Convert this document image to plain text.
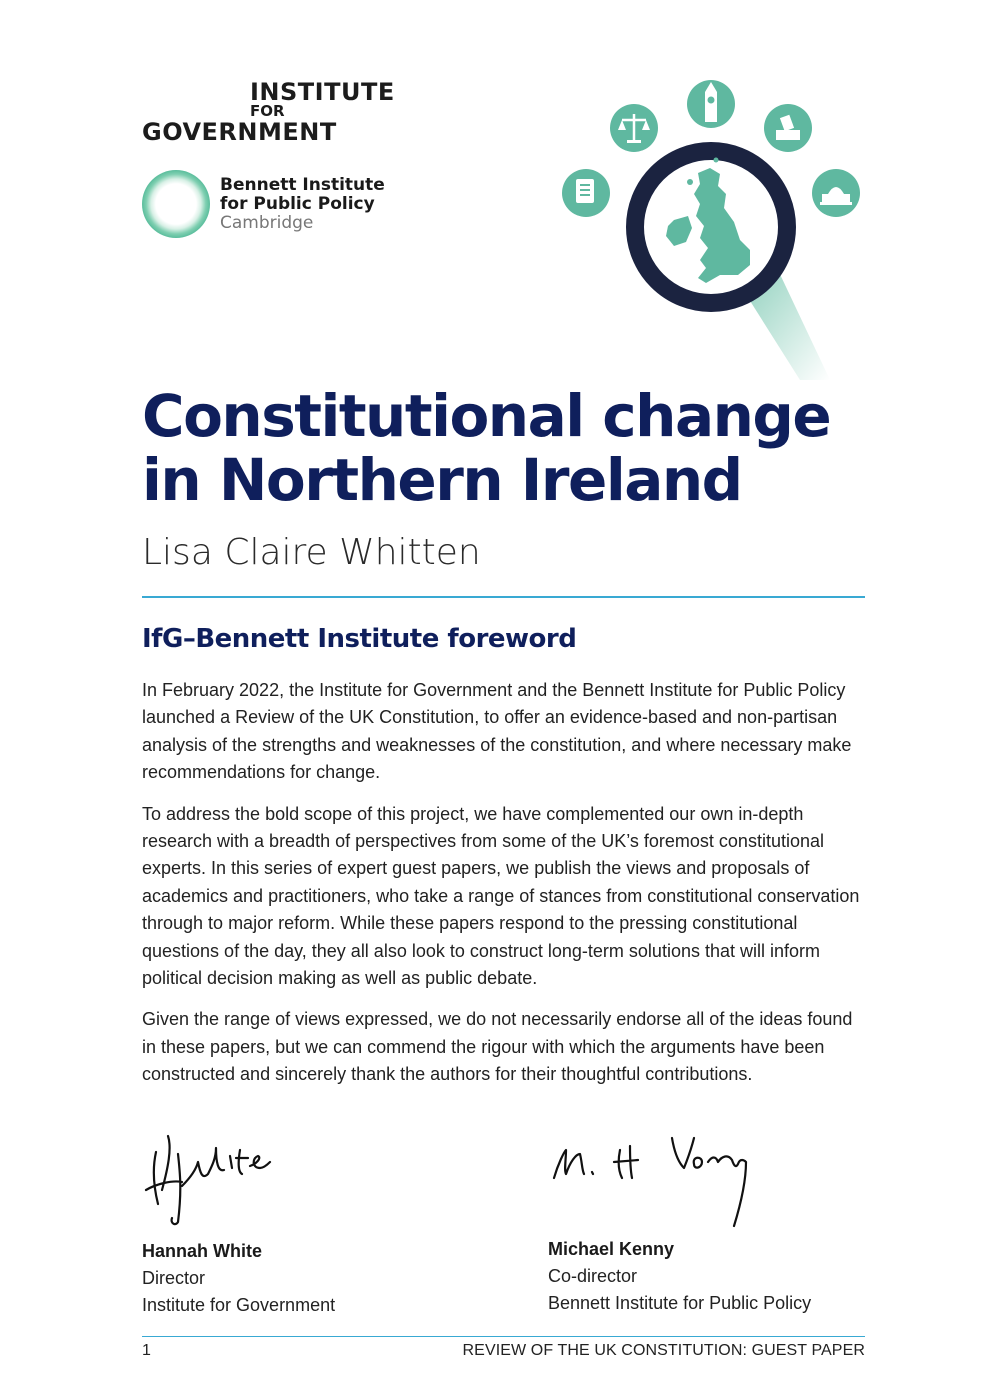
INSTITUTE
FOR
GOVERNMENT
Bennett Institute
for Public Policy
Cambridge
Constitutional change
in Northern Ireland
Lisa Claire Whitten
IfG–Bennett Institute foreword

In February 2022, the Institute for Government and the Bennett Institute for Public Policy launched a Review of the UK Constitution, to offer an evidence-based and non-partisan analysis of the strengths and weaknesses of the constitution, and where necessary make recommendations for change.

To address the bold scope of this project, we have complemented our own in-depth research with a breadth of perspectives from some of the UK’s foremost constitutional experts. In this series of expert guest papers, we publish the views and proposals of academics and practitioners, who take a range of stances from constitutional conservation through to major reform. While these papers respond to the pressing constitutional questions of the day, they all also look to construct long-term solutions that will inform political decision making as well as public debate.

Given the range of views expressed, we do not necessarily endorse all of the ideas found in these papers, but we can commend the rigour with which the arguments have been constructed and sincerely thank the authors for their thoughtful contributions.

Hannah White
Director
Institute for Government
Michael Kenny
Co-director
Bennett Institute for Public Policy
1	REVIEW OF THE UK CONSTITUTION: GUEST PAPER
